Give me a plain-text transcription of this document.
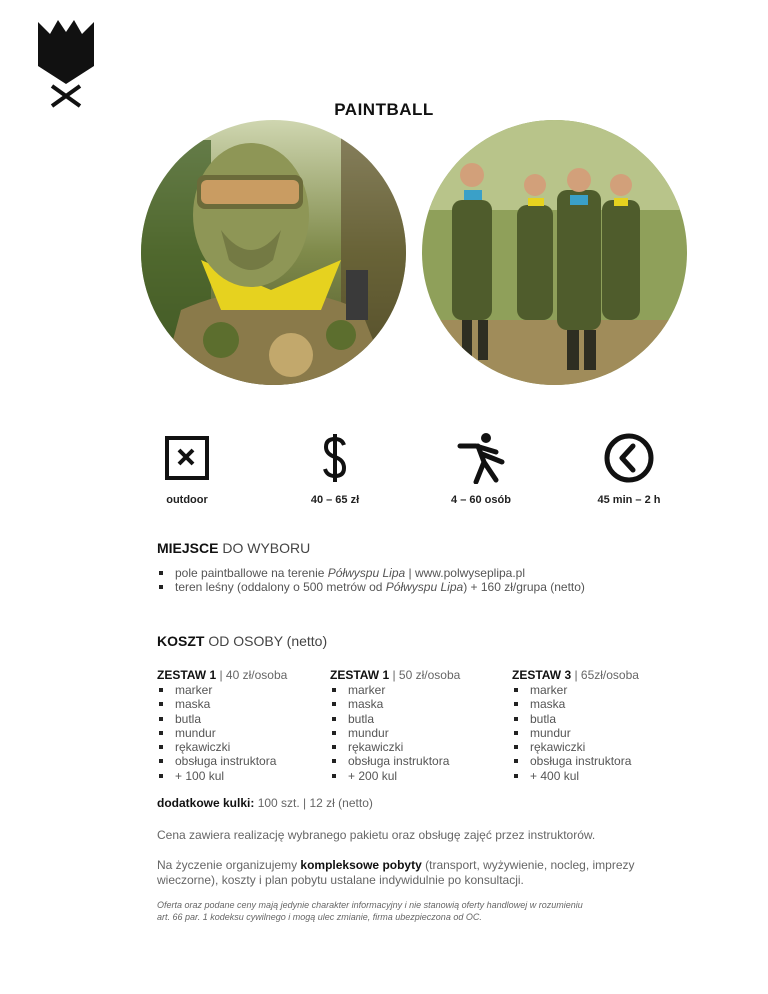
PAINTBALL
outdoor	40 – 65 zł	4 – 60 osób	45 min – 2 h
MIEJSCE DO WYBORU
pole paintballowe na terenie Półwyspu Lipa | www.polwyseplipa.pl
teren leśny (oddalony o 500 metrów od Półwyspu Lipa) + 160 zł/grupa (netto)
KOSZT OD OSOBY (netto)
ZESTAW 1 | 40 zł/osoba
marker
maska
butla
mundur
rękawiczki
obsługa instruktora
+ 100 kul
ZESTAW 1 | 50 zł/osoba
marker
maska
butla
mundur
rękawiczki
obsługa instruktora
+ 200 kul
ZESTAW 3 | 65zł/osoba
marker
maska
butla
mundur
rękawiczki
obsługa instruktora
+ 400 kul
dodatkowe kulki: 100 szt. | 12 zł (netto)
Cena zawiera realizację wybranego pakietu oraz obsługę zajęć przez instruktorów.
Na życzenie organizujemy kompleksowe pobyty (transport, wyżywienie, nocleg, imprezy wieczorne), koszty i plan pobytu ustalane indywidulnie po konsultacji.
Oferta oraz podane ceny mają jedynie charakter informacyjny i nie stanowią oferty handlowej w rozumieniu art. 66 par. 1 kodeksu cywilnego i mogą ulec zmianie, firma ubezpieczona od OC.
